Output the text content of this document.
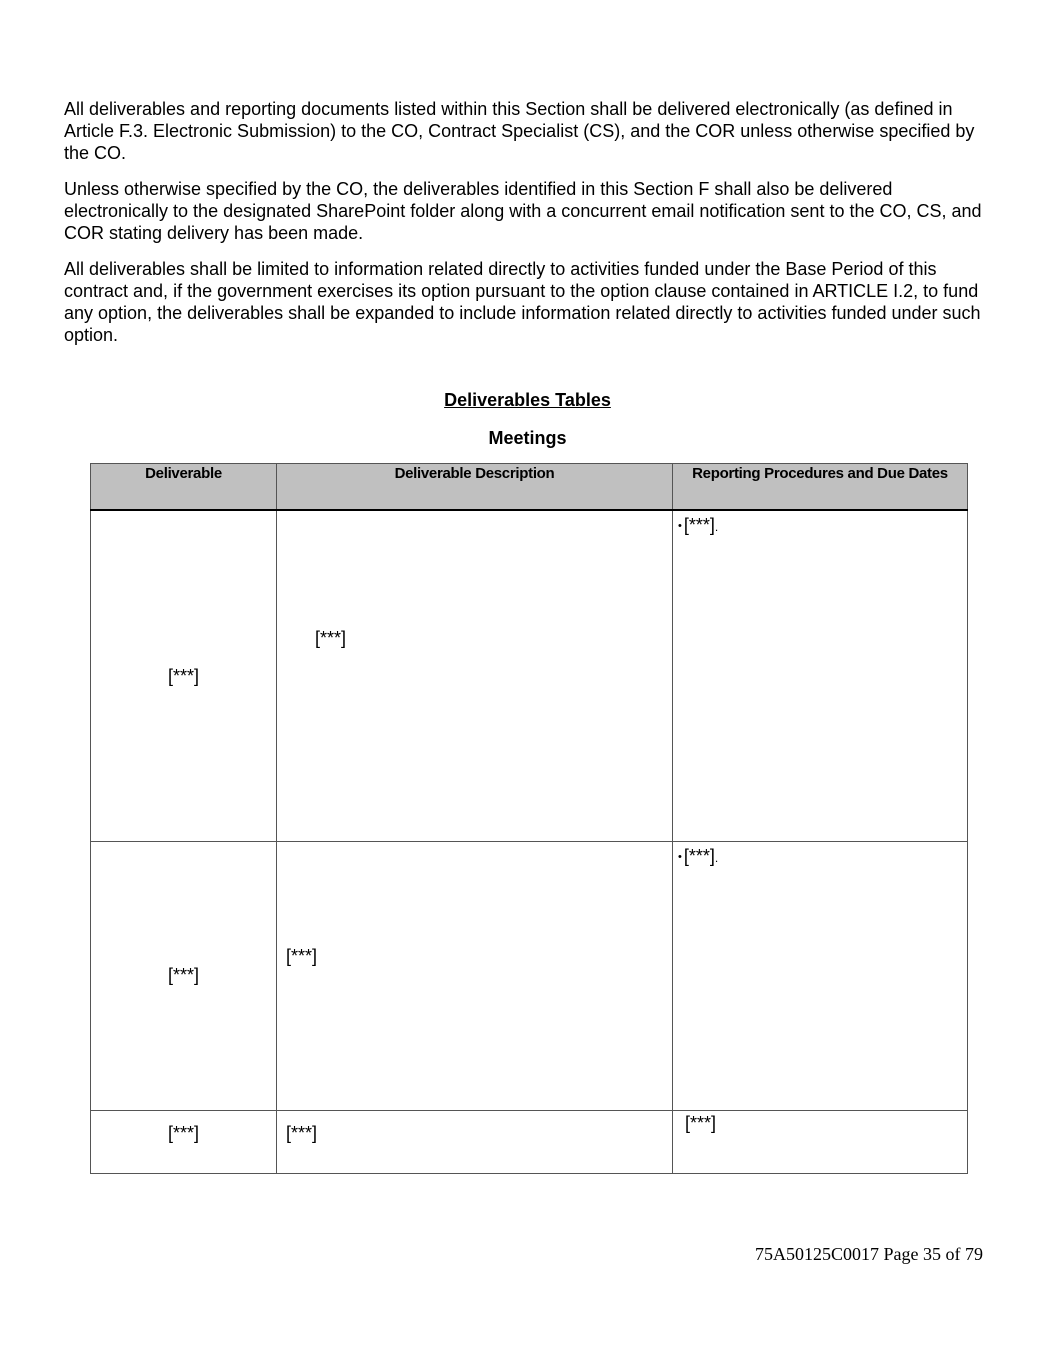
All deliverables and reporting documents listed within this Section shall be delivered electronically (as defined in Article F.3. Electronic Submission) to the CO, Contract Specialist (CS), and the COR unless otherwise specified by the CO.

Unless otherwise specified by the CO, the deliverables identified in this Section F shall also be delivered electronically to the designated SharePoint folder along with a concurrent email notification sent to the CO, CS, and COR stating delivery has been made.

All deliverables shall be limited to information related directly to activities funded under the Base Period of this contract and, if the government exercises its option pursuant to the option clause contained in ARTICLE I.2, to fund any option, the deliverables shall be expanded to include information related directly to activities funded under such option.

Deliverables Tables
Meetings
Deliverable	Deliverable Description	Reporting Procedures and Due Dates

[***]	[***]	• [***].

[***]	[***]	• [***].

[***]	[***]	[***]
75A50125C0017 Page 35 of 79
